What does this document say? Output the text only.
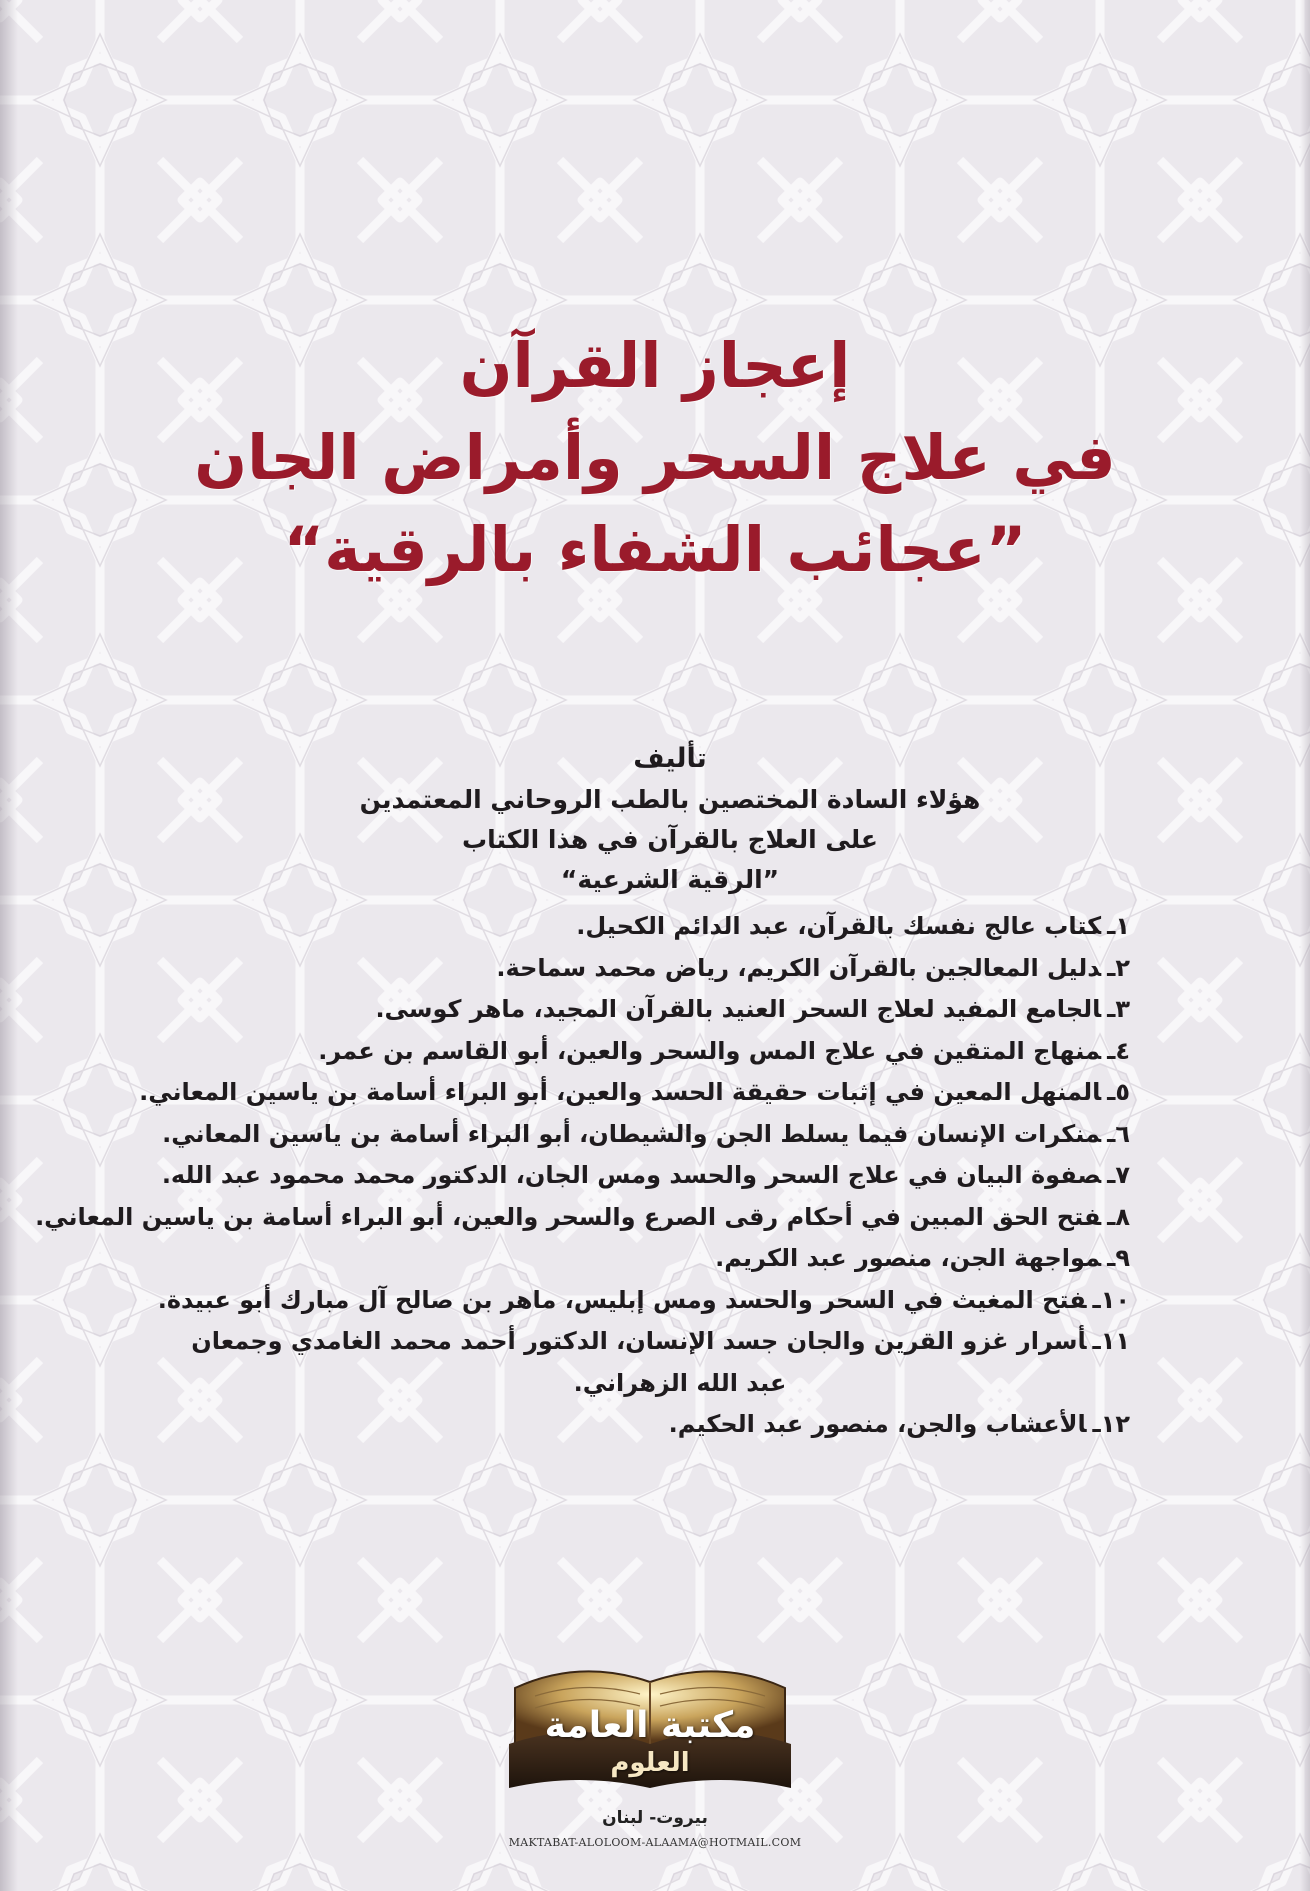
إعجاز القرآن
في علاج السحر وأمراض الجان
”عجائب الشفاء بالرقية“
تأليف
هؤلاء السادة المختصين بالطب الروحاني المعتمدين
على العلاج بالقرآن في هذا الكتاب
”الرقية الشرعية“
١ـكتاب عالج نفسك بالقرآن، عبد الدائم الكحيل.
٢ـدليل المعالجين بالقرآن الكريم، رياض محمد سماحة.
٣ـالجامع المفيد لعلاج السحر العنيد بالقرآن المجيد، ماهر كوسى.
٤ـمنهاج المتقين في علاج المس والسحر والعين، أبو القاسم بن عمر.
٥ـالمنهل المعين في إثبات حقيقة الحسد والعين، أبو البراء أسامة بن ياسين المعاني.
٦ـمنكرات الإنسان فيما يسلط الجن والشيطان، أبو البراء أسامة بن ياسين المعاني.
٧ـصفوة البيان في علاج السحر والحسد ومس الجان، الدكتور محمد محمود عبد الله.
٨ـفتح الحق المبين في أحكام رقى الصرع والسحر والعين، أبو البراء أسامة بن ياسين المعاني.
٩ـمواجهة الجن، منصور عبد الكريم.
١٠ـفتح المغيث في السحر والحسد ومس إبليس، ماهر بن صالح آل مبارك أبو عبيدة.
١١ـأسرار غزو القرين والجان جسد الإنسان، الدكتور أحمد محمد الغامدي وجمعان
عبد الله الزهراني.
١٢ـالأعشاب والجن، منصور عبد الحكيم.
مكتبة العامة
العلوم
بيروت- لبنان
MAKTABAT-ALOLOOM-ALAAMA@HOTMAIL.COM
